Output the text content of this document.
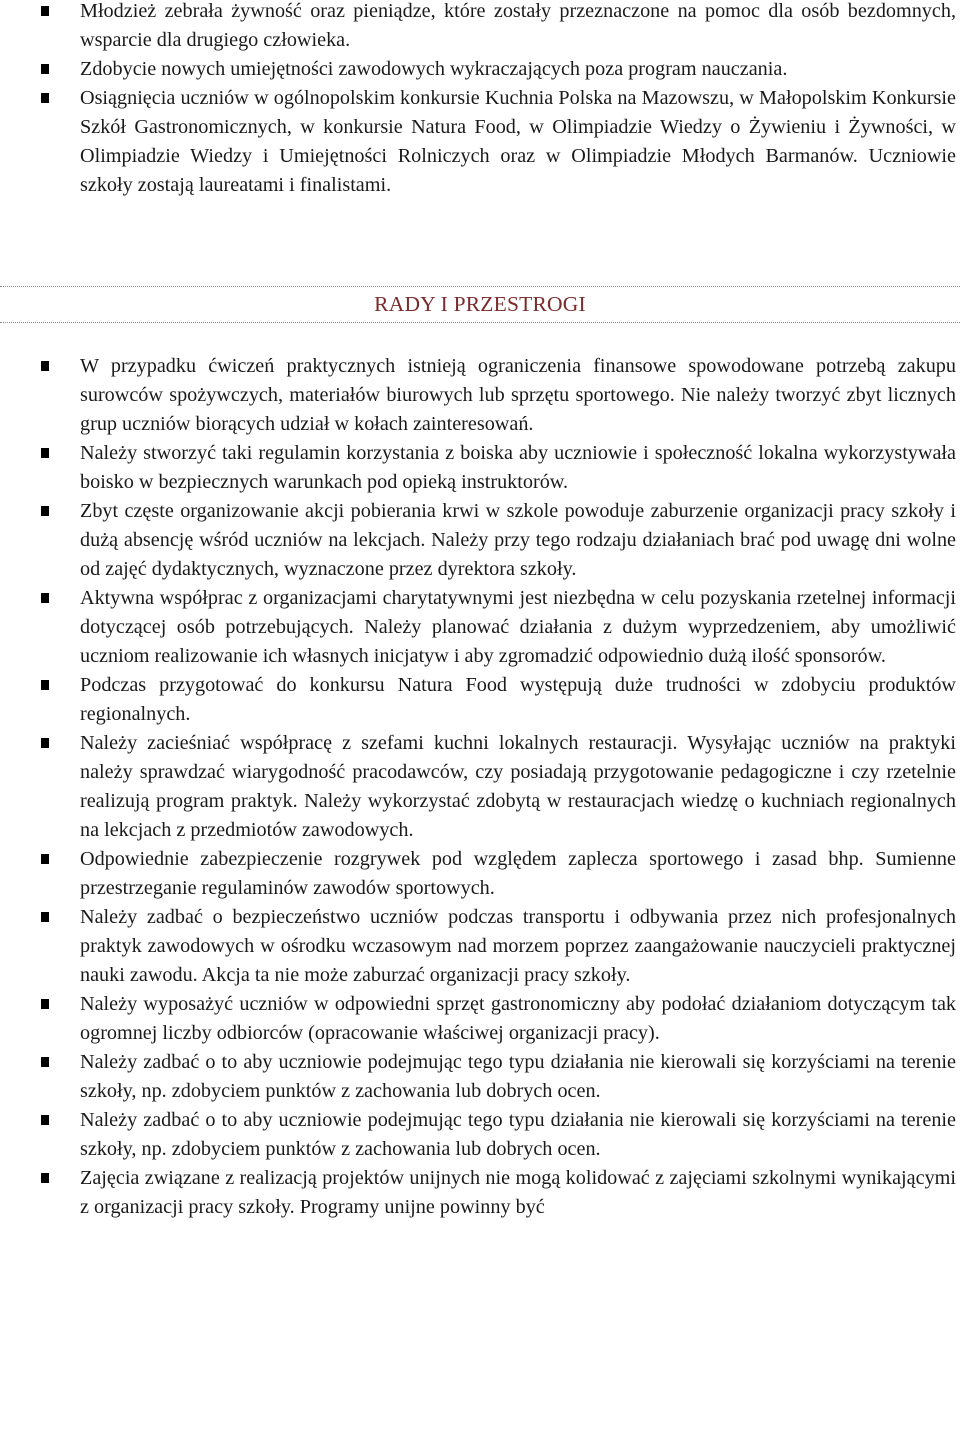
Młodzież zebrała żywność oraz pieniądze, które zostały przeznaczone na pomoc dla osób bezdomnych, wsparcie dla drugiego człowieka.
Zdobycie nowych umiejętności zawodowych wykraczających poza program nauczania.
Osiągnięcia uczniów w ogólnopolskim konkursie Kuchnia Polska na Mazowszu, w Małopolskim Konkursie Szkół Gastronomicznych, w konkursie Natura Food, w Olimpiadzie Wiedzy o Żywieniu i Żywności, w Olimpiadzie Wiedzy i Umiejętności Rolniczych oraz w Olimpiadzie Młodych Barmanów. Uczniowie szkoły zostają laureatami i finalistami.
RADY I PRZESTROGI
W przypadku ćwiczeń praktycznych istnieją ograniczenia finansowe spowodowane potrzebą zakupu surowców spożywczych, materiałów biurowych lub sprzętu sportowego. Nie należy tworzyć zbyt licznych grup uczniów biorących udział w kołach zainteresowań.
Należy stworzyć taki regulamin korzystania z boiska aby uczniowie i społeczność lokalna wykorzystywała boisko w bezpiecznych warunkach pod opieką instruktorów.
Zbyt częste organizowanie akcji pobierania krwi w szkole powoduje zaburzenie organizacji pracy szkoły i dużą absencję wśród uczniów na lekcjach. Należy przy tego rodzaju działaniach brać pod uwagę dni wolne od zajęć dydaktycznych, wyznaczone przez dyrektora szkoły.
Aktywna współprac z organizacjami charytatywnymi jest niezbędna w celu pozyskania rzetelnej informacji dotyczącej osób potrzebujących. Należy planować działania z dużym wyprzedzeniem, aby umożliwić uczniom realizowanie ich własnych inicjatyw i aby zgromadzić odpowiednio dużą ilość sponsorów.
Podczas przygotować do konkursu Natura Food występują duże trudności w zdobyciu produktów regionalnych.
Należy zacieśniać współpracę z szefami kuchni lokalnych restauracji. Wysyłając uczniów na praktyki należy sprawdzać wiarygodność pracodawców, czy posiadają przygotowanie pedagogiczne i czy rzetelnie realizują program praktyk. Należy wykorzystać zdobytą w restauracjach wiedzę o kuchniach regionalnych na lekcjach z przedmiotów zawodowych.
Odpowiednie zabezpieczenie rozgrywek pod względem zaplecza sportowego i zasad bhp. Sumienne przestrzeganie regulaminów zawodów sportowych.
Należy zadbać o bezpieczeństwo uczniów podczas transportu i odbywania przez nich profesjonalnych praktyk zawodowych w ośrodku wczasowym nad morzem poprzez zaangażowanie nauczycieli praktycznej nauki zawodu. Akcja ta nie może zaburzać organizacji pracy szkoły.
Należy wyposażyć uczniów w odpowiedni sprzęt gastronomiczny aby podołać działaniom dotyczącym tak ogromnej liczby odbiorców (opracowanie właściwej organizacji pracy).
Należy zadbać o to aby uczniowie podejmując tego typu działania nie kierowali się korzyściami na terenie szkoły, np. zdobyciem punktów z zachowania lub dobrych ocen.
Należy zadbać o to aby uczniowie podejmując tego typu działania nie kierowali się korzyściami na terenie szkoły, np. zdobyciem punktów z zachowania lub dobrych ocen.
Zajęcia związane z realizacją projektów unijnych nie mogą kolidować z zajęciami szkolnymi wynikającymi z organizacji pracy szkoły. Programy unijne powinny być
